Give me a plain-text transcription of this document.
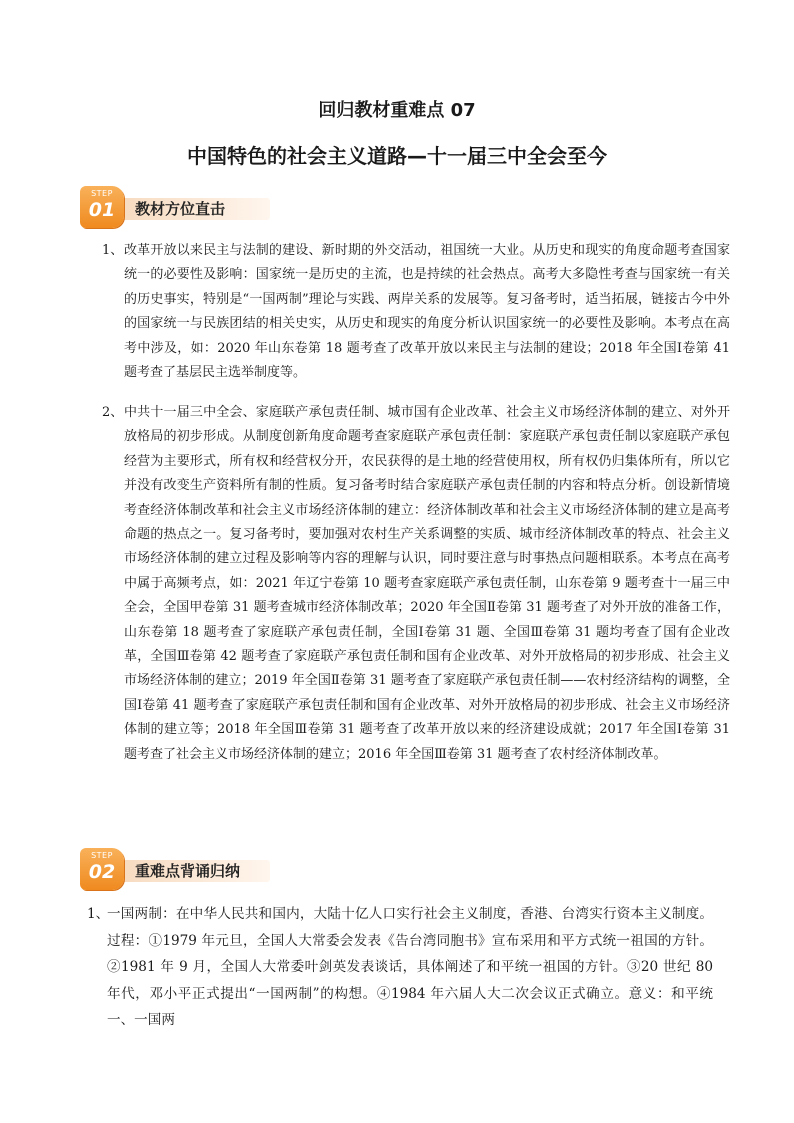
回归教材重难点 07
中国特色的社会主义道路—十一届三中全会至今
STEP
01	教材方位直击
1、 改革开放以来民主与法制的建设、新时期的外交活动，祖国统一大业。从历史和现实的角度命题考查国家统一的必要性及影响：国家统一是历史的主流，也是持续的社会热点。高考大多隐性考查与国家统一有关的历史事实，特别是“一国两制”理论与实践、两岸关系的发展等。复习备考时，适当拓展，链接古今中外的国家统一与民族团结的相关史实，从历史和现实的角度分析认识国家统一的必要性及影响。本考点在高考中涉及，如：2020 年山东卷第 18 题考查了改革开放以来民主与法制的建设；2018 年全国Ⅰ卷第 41 题考查了基层民主选举制度等。
2、 中共十一届三中全会、家庭联产承包责任制、城市国有企业改革、社会主义市场经济体制的建立、对外开放格局的初步形成。从制度创新角度命题考查家庭联产承包责任制：家庭联产承包责任制以家庭联产承包经营为主要形式，所有权和经营权分开，农民获得的是土地的经营使用权，所有权仍归集体所有，所以它并没有改变生产资料所有制的性质。复习备考时结合家庭联产承包责任制的内容和特点分析。创设新情境考查经济体制改革和社会主义市场经济体制的建立：经济体制改革和社会主义市场经济体制的建立是高考命题的热点之一。复习备考时，要加强对农村生产关系调整的实质、城市经济体制改革的特点、社会主义市场经济体制的建立过程及影响等内容的理解与认识，同时要注意与时事热点问题相联系。本考点在高考中属于高频考点，如：2021 年辽宁卷第 10 题考查家庭联产承包责任制，山东卷第 9 题考查十一届三中全会，全国甲卷第 31 题考查城市经济体制改革；2020 年全国Ⅱ卷第 31 题考查了对外开放的准备工作，山东卷第 18 题考查了家庭联产承包责任制，全国Ⅰ卷第 31 题、全国Ⅲ卷第 31 题均考查了国有企业改革，全国Ⅲ卷第 42 题考查了家庭联产承包责任制和国有企业改革、对外开放格局的初步形成、社会主义市场经济体制的建立；2019 年全国Ⅱ卷第 31 题考查了家庭联产承包责任制——农村经济结构的调整，全国Ⅰ卷第 41 题考查了家庭联产承包责任制和国有企业改革、对外开放格局的初步形成、社会主义市场经济体制的建立等；2018 年全国Ⅲ卷第 31 题考查了改革开放以来的经济建设成就；2017 年全国Ⅰ卷第 31 题考查了社会主义市场经济体制的建立；2016 年全国Ⅲ卷第 31 题考查了农村经济体制改革。
STEP
02	重难点背诵归纳
1、
一国两制：在中华人民共和国内，大陆十亿人口实行社会主义制度，香港、台湾实行资本主义制度。过程：①1979 年元旦，全国人大常委会发表《告台湾同胞书》宣布采用和平方式统一祖国的方针。②1981 年 9 月，全国人大常委叶剑英发表谈话，具体阐述了和平统一祖国的方针。③20 世纪 80 年代，邓小平正式提出“一国两制”的构想。④1984 年六届人大二次会议正式确立。意义：和平统一、一国两
